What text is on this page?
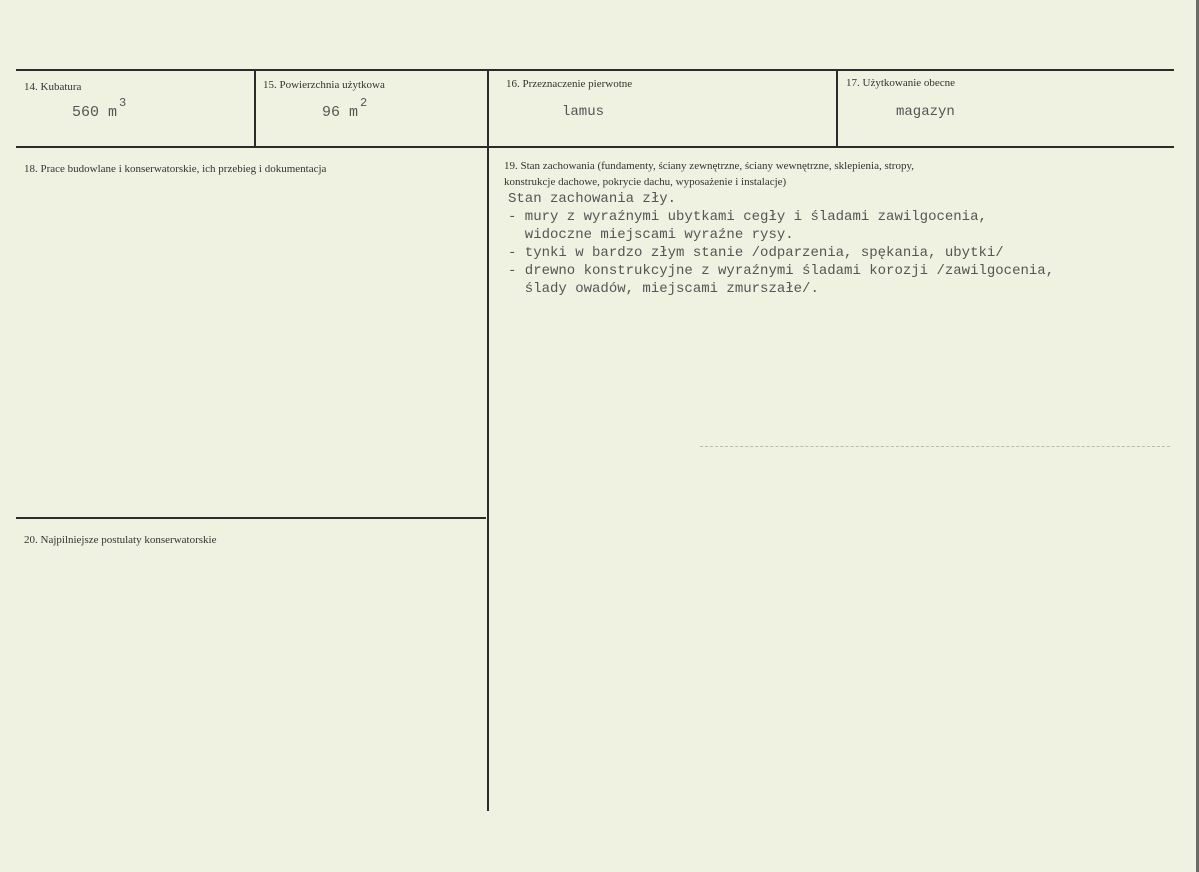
14. Kubatura
560 $m^3$
15. Powierzchnia użytkowa
96 $m^2$
16. Przeznaczenie pierwotne
lamus
17. Użytkowanie obecne
magazyn
18. Prace budowlane i konserwatorskie, ich przebieg i dokumentacja	19. Stan zachowania (fundamenty, ściany zewnętrzne, ściany wewnętrzne, sklepienia, stropy,
konstrukcje dachowe, pokrycie dachu, wyposażenie i instalacje)
Stan zachowania zły.
- mury z wyraźnymi ubytkami cegły i śladami zawilgocenia,
widoczne miejscami wyraźne rysy.
- tynki w bardzo złym stanie /odparzenia, spękania, ubytki/
- drewno konstrukcyjne z wyraźnymi śladami korozji /zawilgocenia,
ślady owadów, miejscami zmurszałe/.
20. Najpilniejsze postulaty konserwatorskie
